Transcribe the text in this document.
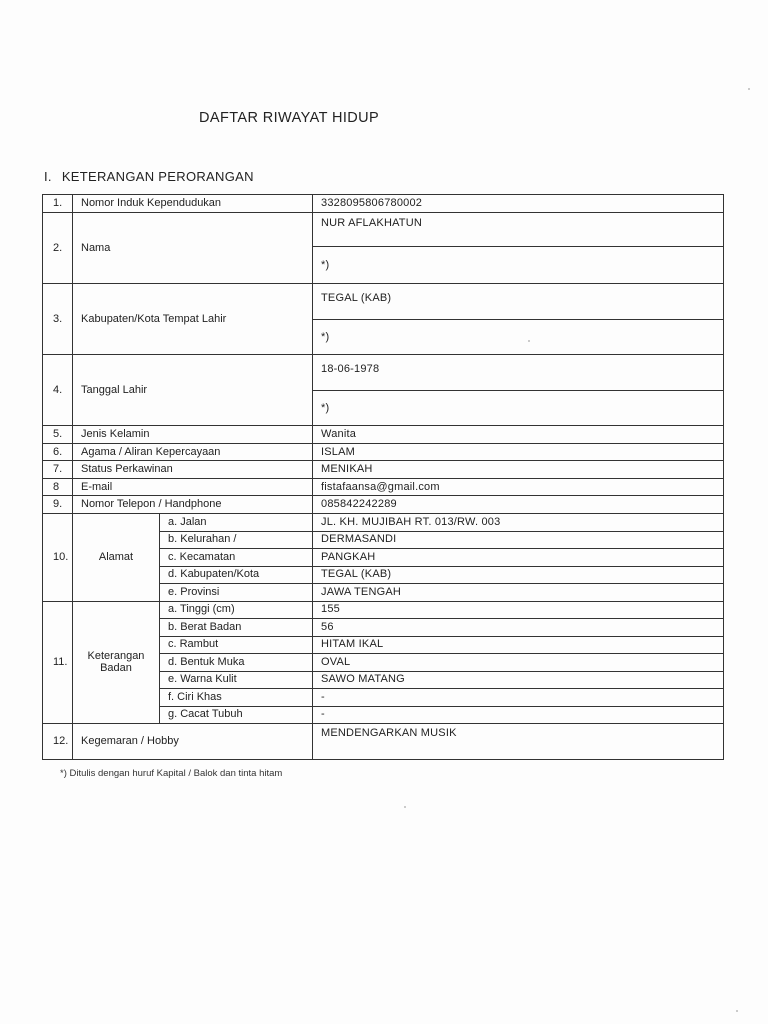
DAFTAR RIWAYAT HIDUP
I. KETERANGAN PERORANGAN
1.	Nomor Induk Kependudukan		3328095806780002
2.	Nama		NUR AFLAKHATUN
			*)
3.	Kabupaten/Kota Tempat Lahir		TEGAL (KAB)
			*)
4.	Tanggal Lahir		18-06-1978
			*)
5.	Jenis Kelamin		Wanita
6.	Agama / Aliran Kepercayaan		ISLAM
7.	Status Perkawinan		MENIKAH
8	E-mail		fistafaansa@gmail.com
9.	Nomor Telepon / Handphone		085842242289
10.	Alamat	a. Jalan	JL. KH. MUJIBAH RT. 013/RW. 003
		b. Kelurahan /	DERMASANDI
		c. Kecamatan	PANGKAH
		d. Kabupaten/Kota	TEGAL (KAB)
		e. Provinsi	JAWA TENGAH
11.	Keterangan Badan	a. Tinggi (cm)	155
		b. Berat Badan	56
		c. Rambut	HITAM IKAL
		d. Bentuk Muka	OVAL
		e. Warna Kulit	SAWO MATANG
		f. Ciri Khas	-
		g. Cacat Tubuh	-
12.	Kegemaran / Hobby		MENDENGARKAN MUSIK
*) Ditulis dengan huruf Kapital / Balok dan tinta hitam
